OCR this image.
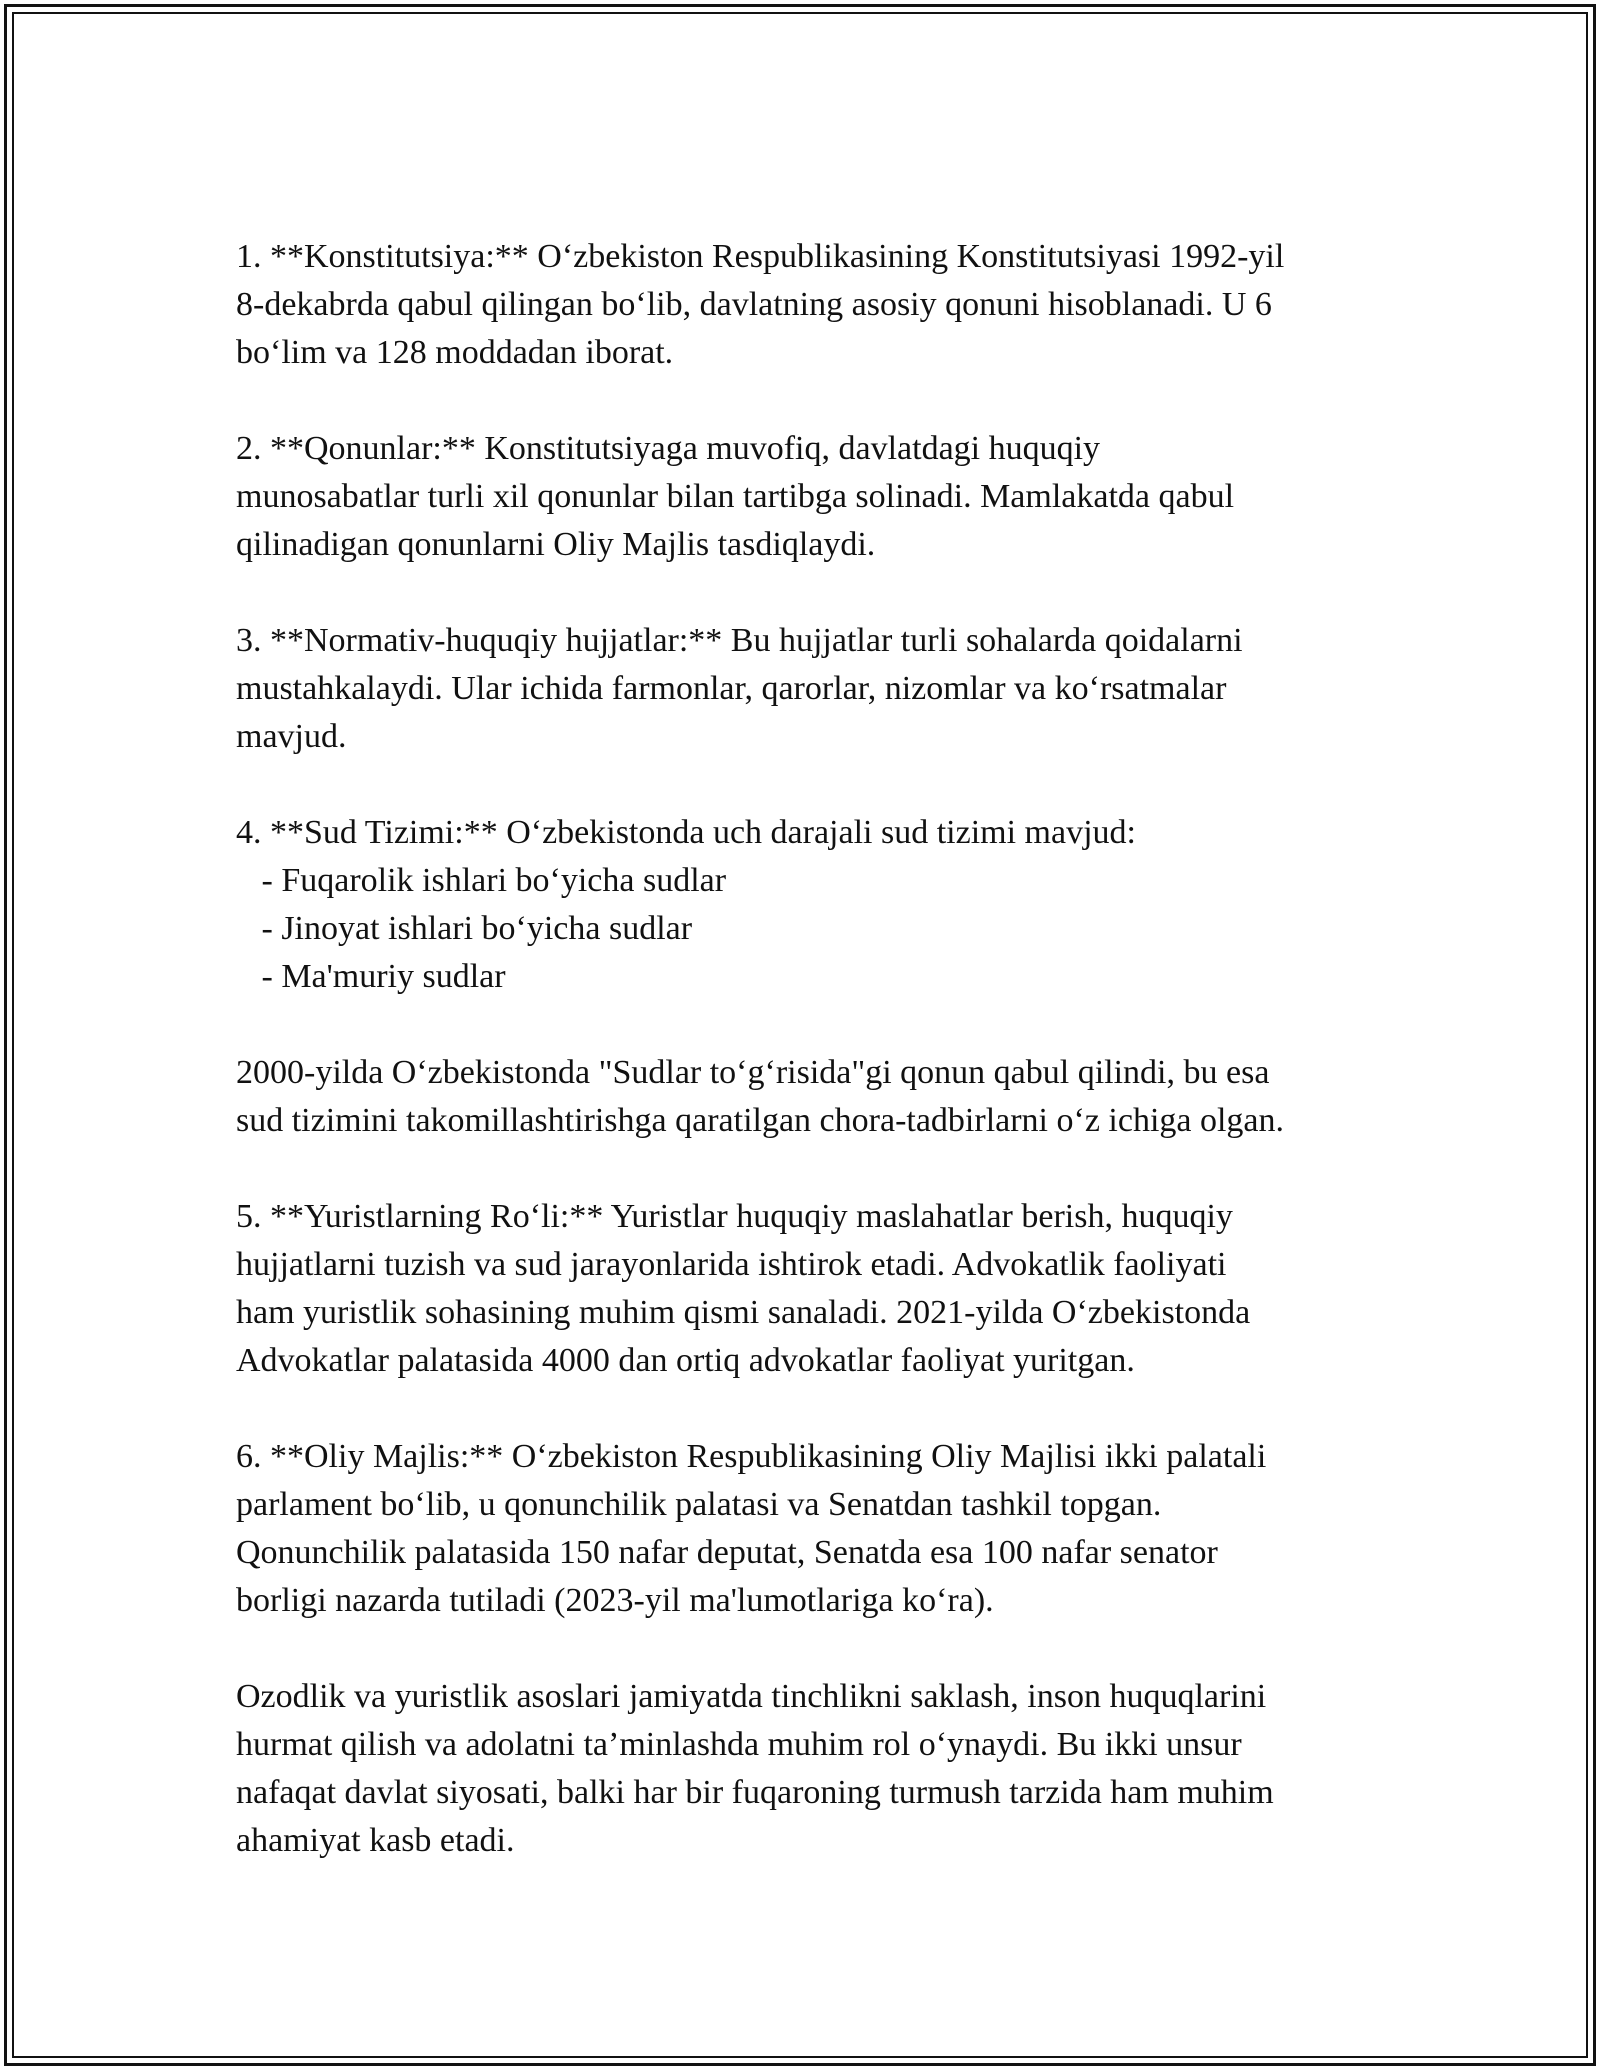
1. **Konstitutsiya:** O‘zbekiston Respublikasining Konstitutsiyasi 1992-yil
8-dekabrda qabul qilingan bo‘lib, davlatning asosiy qonuni hisoblanadi. U 6
bo‘lim va 128 moddadan iborat.
2. **Qonunlar:** Konstitutsiyaga muvofiq, davlatdagi huquqiy
munosabatlar turli xil qonunlar bilan tartibga solinadi. Mamlakatda qabul
qilinadigan qonunlarni Oliy Majlis tasdiqlaydi.
3. **Normativ-huquqiy hujjatlar:** Bu hujjatlar turli sohalarda qoidalarni
mustahkalaydi. Ular ichida farmonlar, qarorlar, nizomlar va ko‘rsatmalar
mavjud.
4. **Sud Tizimi:** O‘zbekistonda uch darajali sud tizimi mavjud:
- Fuqarolik ishlari bo‘yicha sudlar
- Jinoyat ishlari bo‘yicha sudlar
- Ma'muriy sudlar
2000-yilda O‘zbekistonda "Sudlar to‘g‘risida"gi qonun qabul qilindi, bu esa
sud tizimini takomillashtirishga qaratilgan chora-tadbirlarni o‘z ichiga olgan.
5. **Yuristlarning Ro‘li:** Yuristlar huquqiy maslahatlar berish, huquqiy
hujjatlarni tuzish va sud jarayonlarida ishtirok etadi. Advokatlik faoliyati
ham yuristlik sohasining muhim qismi sanaladi. 2021-yilda O‘zbekistonda
Advokatlar palatasida 4000 dan ortiq advokatlar faoliyat yuritgan.
6. **Oliy Majlis:** O‘zbekiston Respublikasining Oliy Majlisi ikki palatali
parlament bo‘lib, u qonunchilik palatasi va Senatdan tashkil topgan.
Qonunchilik palatasida 150 nafar deputat, Senatda esa 100 nafar senator
borligi nazarda tutiladi (2023-yil ma'lumotlariga ko‘ra).
Ozodlik va yuristlik asoslari jamiyatda tinchlikni saklash, inson huquqlarini
hurmat qilish va adolatni ta’minlashda muhim rol o‘ynaydi. Bu ikki unsur
nafaqat davlat siyosati, balki har bir fuqaroning turmush tarzida ham muhim
ahamiyat kasb etadi.
